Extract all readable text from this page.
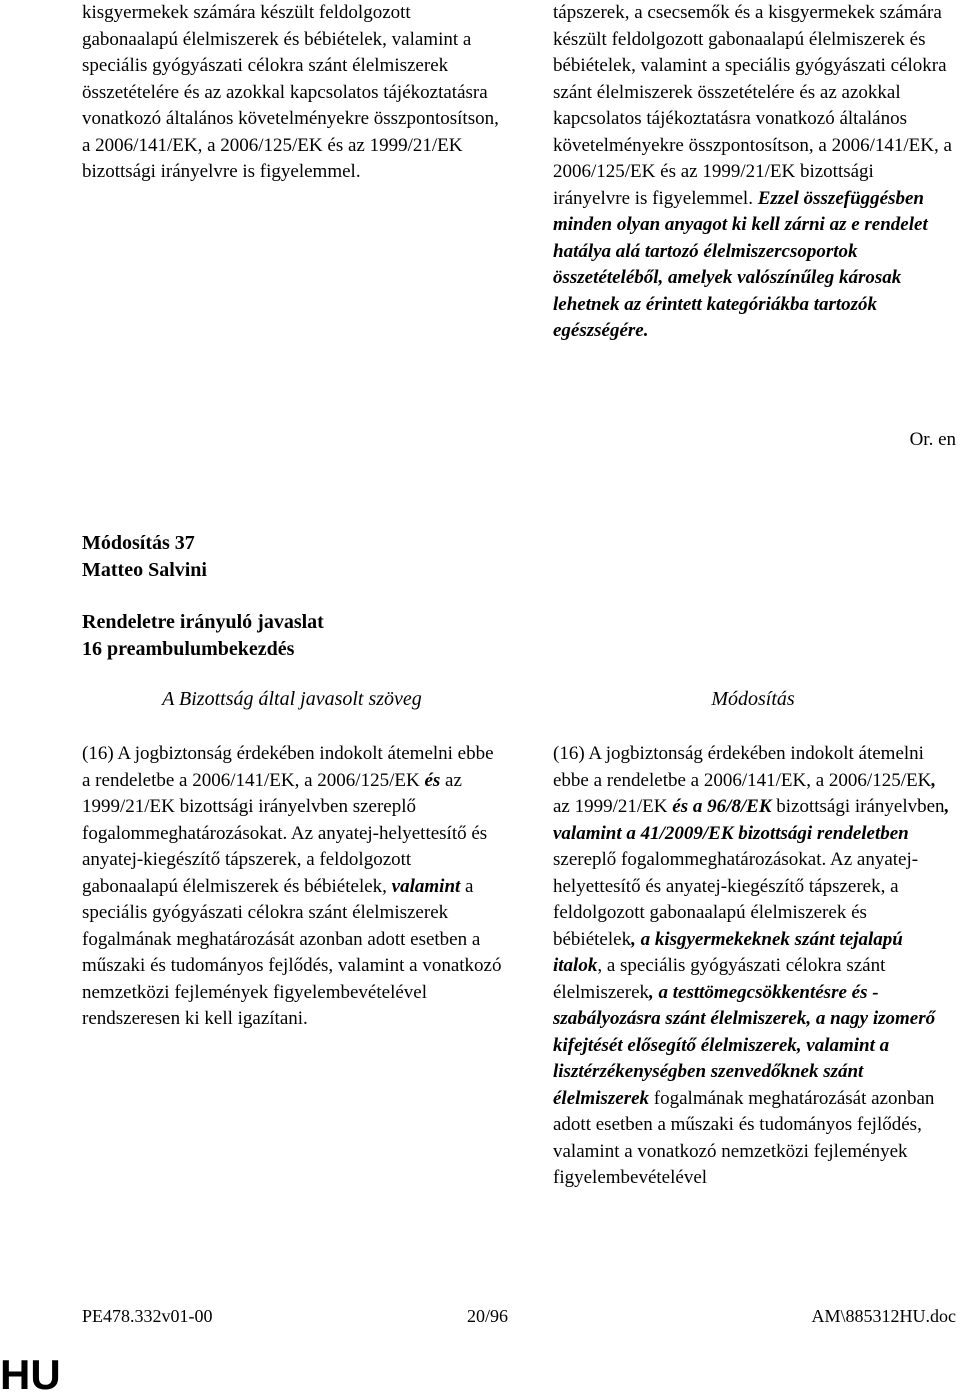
kisgyermekek számára készült feldolgozott gabonaalapú élelmiszerek és bébiételek, valamint a speciális gyógyászati célokra szánt élelmiszerek összetételére és az azokkal kapcsolatos tájékoztatásra vonatkozó általános követelményekre összpontosítson, a 2006/141/EK, a 2006/125/EK és az 1999/21/EK bizottsági irányelvre is figyelemmel.

tápszerek, a csecsemők és a kisgyermekek számára készült feldolgozott gabonaalapú élelmiszerek és bébiételek, valamint a speciális gyógyászati célokra szánt élelmiszerek összetételére és az azokkal kapcsolatos tájékoztatásra vonatkozó általános követelményekre összpontosítson, a 2006/141/EK, a 2006/125/EK és az 1999/21/EK bizottsági irányelvre is figyelemmel. Ezzel összefüggésben minden olyan anyagot ki kell zárni az e rendelet hatálya alá tartozó élelmiszercsoportok összetételéből, amelyek valószínűleg károsak lehetnek az érintett kategóriákba tartozók egészségére.

Or. en
Módosítás 37
Matteo Salvini
Rendeletre irányuló javaslat
16 preambulumbekezdés
A Bizottság által javasolt szöveg	Módosítás

(16) A jogbiztonság érdekében indokolt átemelni ebbe a rendeletbe a 2006/141/EK, a 2006/125/EK és az 1999/21/EK bizottsági irányelvben szereplő fogalommeghatározásokat. Az anyatej-helyettesítő és anyatej-kiegészítő tápszerek, a feldolgozott gabonaalapú élelmiszerek és bébiételek, valamint a speciális gyógyászati célokra szánt élelmiszerek fogalmának meghatározását azonban adott esetben a műszaki és tudományos fejlődés, valamint a vonatkozó nemzetközi fejlemények figyelembevételével rendszeresen ki kell igazítani.

(16) A jogbiztonság érdekében indokolt átemelni ebbe a rendeletbe a 2006/141/EK, a 2006/125/EK, az 1999/21/EK és a 96/8/EK bizottsági irányelvben, valamint a 41/2009/EK bizottsági rendeletben szereplő fogalommeghatározásokat. Az anyatej-helyettesítő és anyatej-kiegészítő tápszerek, a feldolgozott gabonaalapú élelmiszerek és bébiételek, a kisgyermekeknek szánt tejalapú italok, a speciális gyógyászati célokra szánt élelmiszerek, a testtömegcsökkentésre és -szabályozásra szánt élelmiszerek, a nagy izomerő kifejtését elősegítő élelmiszerek, valamint a lisztérzékenységben szenvedőknek szánt élelmiszerek fogalmának meghatározását azonban adott esetben a műszaki és tudományos fejlődés, valamint a vonatkozó nemzetközi fejlemények figyelembevételével

PE478.332v01-00	20/96	AM\885312HU.doc
HU
